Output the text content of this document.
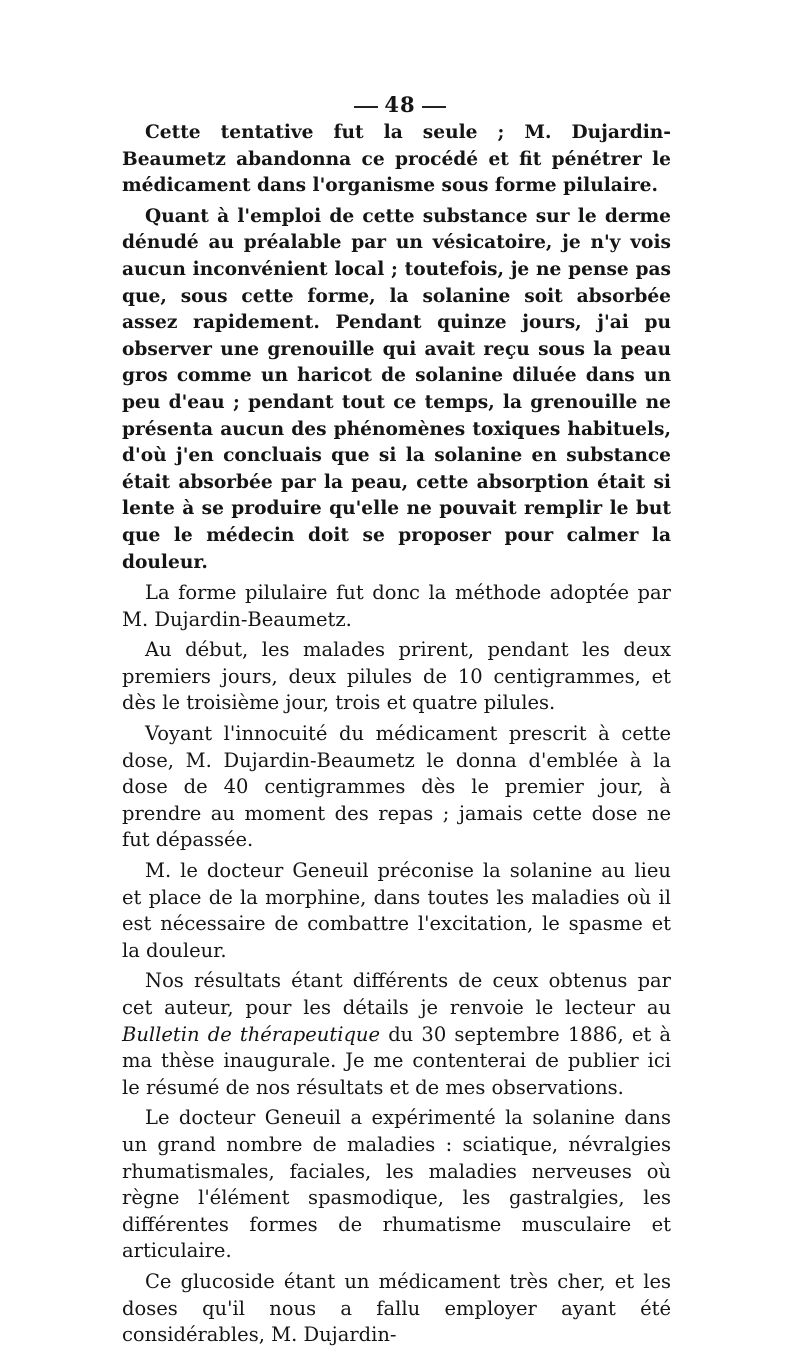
48

Cette tentative fut la seule ; M. Dujardin-Beaumetz abandonna ce procédé et fit pénétrer le médicament dans l'organisme sous forme pilulaire.

Quant à l'emploi de cette substance sur le derme dénudé au préalable par un vésicatoire, je n'y vois aucun inconvénient local ; toutefois, je ne pense pas que, sous cette forme, la solanine soit absorbée assez rapidement. Pendant quinze jours, j'ai pu observer une grenouille qui avait reçu sous la peau gros comme un haricot de solanine diluée dans un peu d'eau ; pendant tout ce temps, la grenouille ne présenta aucun des phénomènes toxiques habituels, d'où j'en concluais que si la solanine en substance était absorbée par la peau, cette absorption était si lente à se produire qu'elle ne pouvait remplir le but que le médecin doit se proposer pour calmer la douleur.

La forme pilulaire fut donc la méthode adoptée par M. Dujardin-Beaumetz.

Au début, les malades prirent, pendant les deux premiers jours, deux pilules de 10 centigrammes, et dès le troisième jour, trois et quatre pilules.

Voyant l'innocuité du médicament prescrit à cette dose, M. Dujardin-Beaumetz le donna d'emblée à la dose de 40 centigrammes dès le premier jour, à prendre au moment des repas ; jamais cette dose ne fut dépassée.

M. le docteur Geneuil préconise la solanine au lieu et place de la morphine, dans toutes les maladies où il est nécessaire de combattre l'excitation, le spasme et la douleur.

Nos résultats étant différents de ceux obtenus par cet auteur, pour les détails je renvoie le lecteur au Bulletin de thérapeutique du 30 septembre 1886, et à ma thèse inaugurale. Je me contenterai de publier ici le résumé de nos résultats et de mes observations.

Le docteur Geneuil a expérimenté la solanine dans un grand nombre de maladies : sciatique, névralgies rhumatismales, faciales, les maladies nerveuses où règne l'élément spasmodique, les gastralgies, les différentes formes de rhumatisme musculaire et articulaire.

Ce glucoside étant un médicament très cher, et les doses qu'il nous a fallu employer ayant été considérables, M. Dujardin-
